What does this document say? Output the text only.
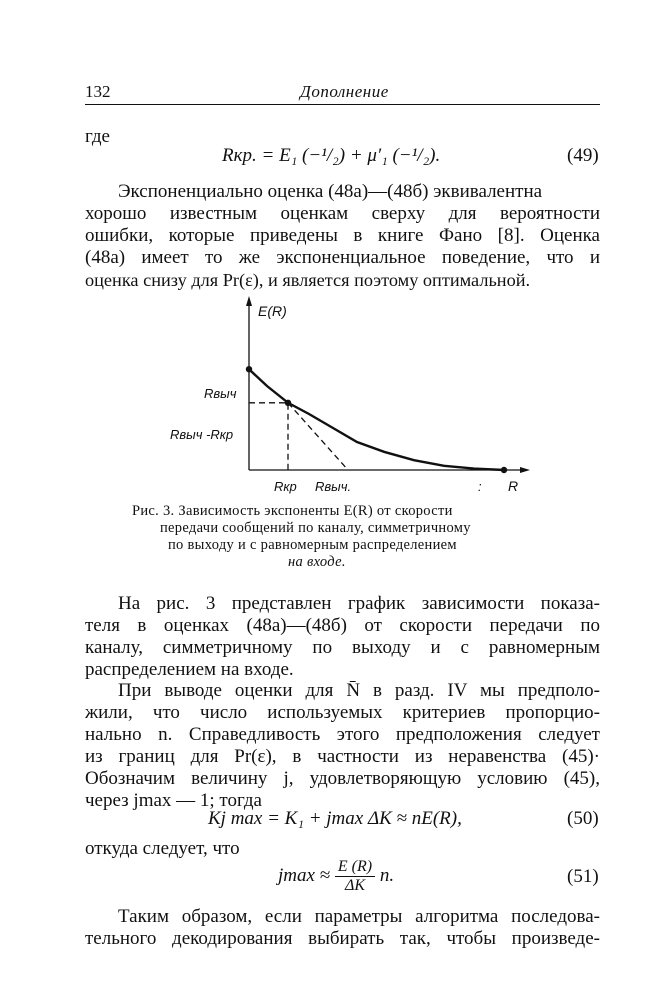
132	Дополнение
где
Rкр. = E₁ (−¹/₂) + μ′₁ (−¹/₂).	(49)
Экспоненциально оценка (48а)—(48б) эквивалентна
хорошо известным оценкам сверху для вероятности
ошибки, которые приведены в книге Фано [8]. Оценка
(48а) имеет то же экспоненциальное поведение, что и
оценка снизу для Pr(ε), и является поэтому оптимальной.
E(R)
Rвыч
Rвыч -Rкр
Rкр Rвыч.	: R
Рис. 3. Зависимость экспоненты E(R) от скорости
передачи сообщений по каналу, симметричному
по выходу и с равномерным распределением
на входе.
На рис. 3 представлен график зависимости показа-
теля в оценках (48а)—(48б) от скорости передачи по
каналу, симметричному по выходу и с равномерным
распределением на входе.
При выводе оценки для N̄ в разд. IV мы предполо-
жили, что число используемых критериев пропорцио-
нально n. Справедливость этого предположения следует
из границ для Pr(ε), в частности из неравенства (45)·
Обозначим величину j, удовлетворяющую условию (45),
через jmax — 1; тогда
Kj max = K₁ + jmax ΔK ≈ nE(R),	(50)
откуда следует, что
$jmax \approx \frac{E (R)}{\Delta K} n$.	(51)
Таким образом, если параметры алгоритма последова-
тельного декодирования выбирать так, чтобы произведе-
